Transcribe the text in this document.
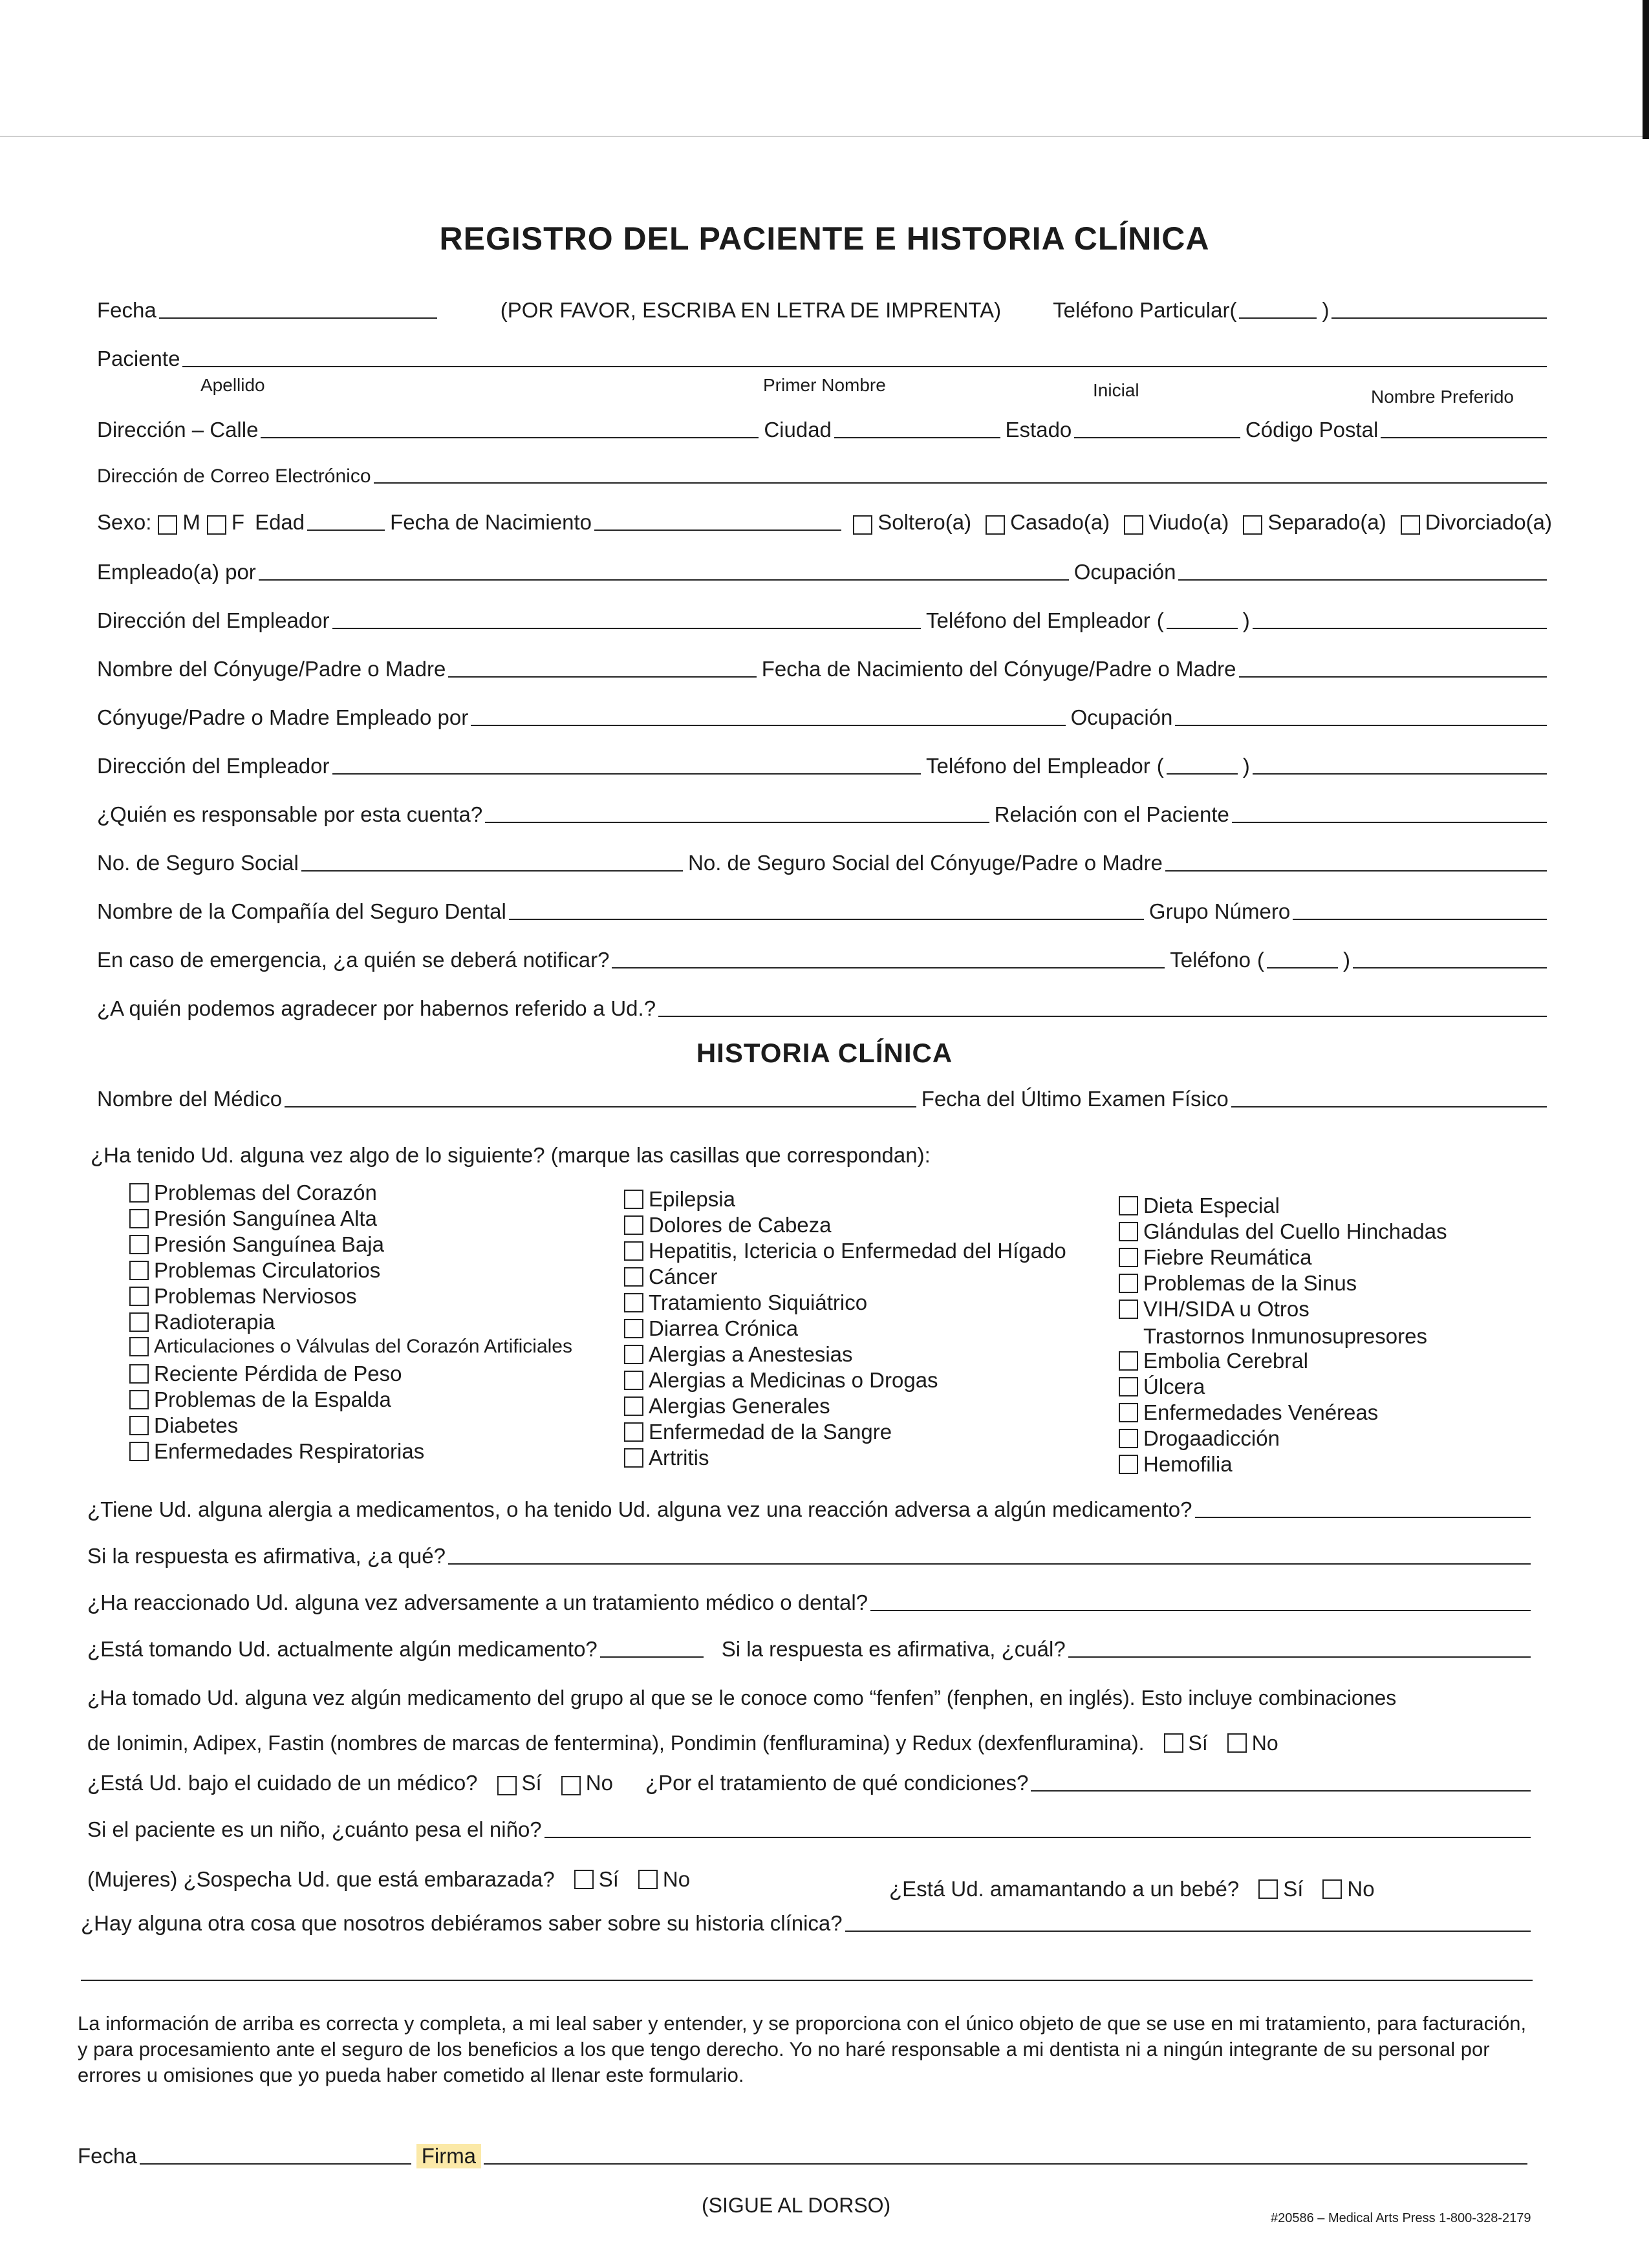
REGISTRO DEL PACIENTE E HISTORIA CLÍNICA
Fecha	(POR FAVOR, ESCRIBA EN LETRA DE IMPRENTA) Teléfono Particular (	)
Paciente
Apellido	Primer Nombre	Inicial	Nombre Preferido
Dirección – Calle	Ciudad	Estado	Código Postal
Dirección de Correo Electrónico
Sexo: M F Edad	Fecha de Nacimiento	Soltero(a) Casado(a) Viudo(a) Separado(a) Divorciado(a)
Empleado(a) por	Ocupación
Dirección del Empleador	Teléfono del Empleador (	)
Nombre del Cónyuge/Padre o Madre	Fecha de Nacimiento del Cónyuge/Padre o Madre
Cónyuge/Padre o Madre Empleado por	Ocupación
Dirección del Empleador	Teléfono del Empleador (	)
¿Quién es responsable por esta cuenta?	Relación con el Paciente
No. de Seguro Social	No. de Seguro Social del Cónyuge/Padre o Madre
Nombre de la Compañía del Seguro Dental	Grupo Número
En caso de emergencia, ¿a quién se deberá notificar?	Teléfono (	)
¿A quién podemos agradecer por habernos referido a Ud.?
HISTORIA CLÍNICA
Nombre del Médico	Fecha del Último Examen Físico
¿Ha tenido Ud. alguna vez algo de lo siguiente? (marque las casillas que correspondan):
Problemas del Corazón
Presión Sanguínea Alta
Presión Sanguínea Baja
Problemas Circulatorios
Problemas Nerviosos
Radioterapia
Articulaciones o Válvulas del Corazón Artificiales
Reciente Pérdida de Peso
Problemas de la Espalda
Diabetes
Enfermedades Respiratorias
Epilepsia
Dolores de Cabeza
Hepatitis, Ictericia o Enfermedad del Hígado
Cáncer
Tratamiento Siquiátrico
Diarrea Crónica
Alergias a Anestesias
Alergias a Medicinas o Drogas
Alergias Generales
Enfermedad de la Sangre
Artritis
Dieta Especial
Glándulas del Cuello Hinchadas
Fiebre Reumática
Problemas de la Sinus
VIH/SIDA u Otros
Trastornos Inmunosupresores
Embolia Cerebral
Úlcera
Enfermedades Venéreas
Drogaadicción
Hemofilia
¿Tiene Ud. alguna alergia a medicamentos, o ha tenido Ud. alguna vez una reacción adversa a algún medicamento?
Si la respuesta es afirmativa, ¿a qué?
¿Ha reaccionado Ud. alguna vez adversamente a un tratamiento médico o dental?
¿Está tomando Ud. actualmente algún medicamento?	Si la respuesta es afirmativa, ¿cuál?
¿Ha tomado Ud. alguna vez algún medicamento del grupo al que se le conoce como “fenfen” (fenphen, en inglés). Esto incluye combinaciones
de Ionimin, Adipex, Fastin (nombres de marcas de fentermina), Pondimin (fenfluramina) y Redux (dexfenfluramina). Sí No
¿Está Ud. bajo el cuidado de un médico? Sí No ¿Por el tratamiento de qué condiciones?
Si el paciente es un niño, ¿cuánto pesa el niño?
(Mujeres) ¿Sospecha Ud. que está embarazada? Sí No	¿Está Ud. amamantando a un bebé? Sí No
¿Hay alguna otra cosa que nosotros debiéramos saber sobre su historia clínica?
La información de arriba es correcta y completa, a mi leal saber y entender, y se proporciona con el único objeto de que se use en mi tratamiento, para facturación, y para procesamiento ante el seguro de los beneficios a los que tengo derecho. Yo no haré responsable a mi dentista ni a ningún integrante de su personal por errores u omisiones que yo pueda haber cometido al llenar este formulario.
Fecha	Firma
(SIGUE AL DORSO)
#20586 – Medical Arts Press 1-800-328-2179
